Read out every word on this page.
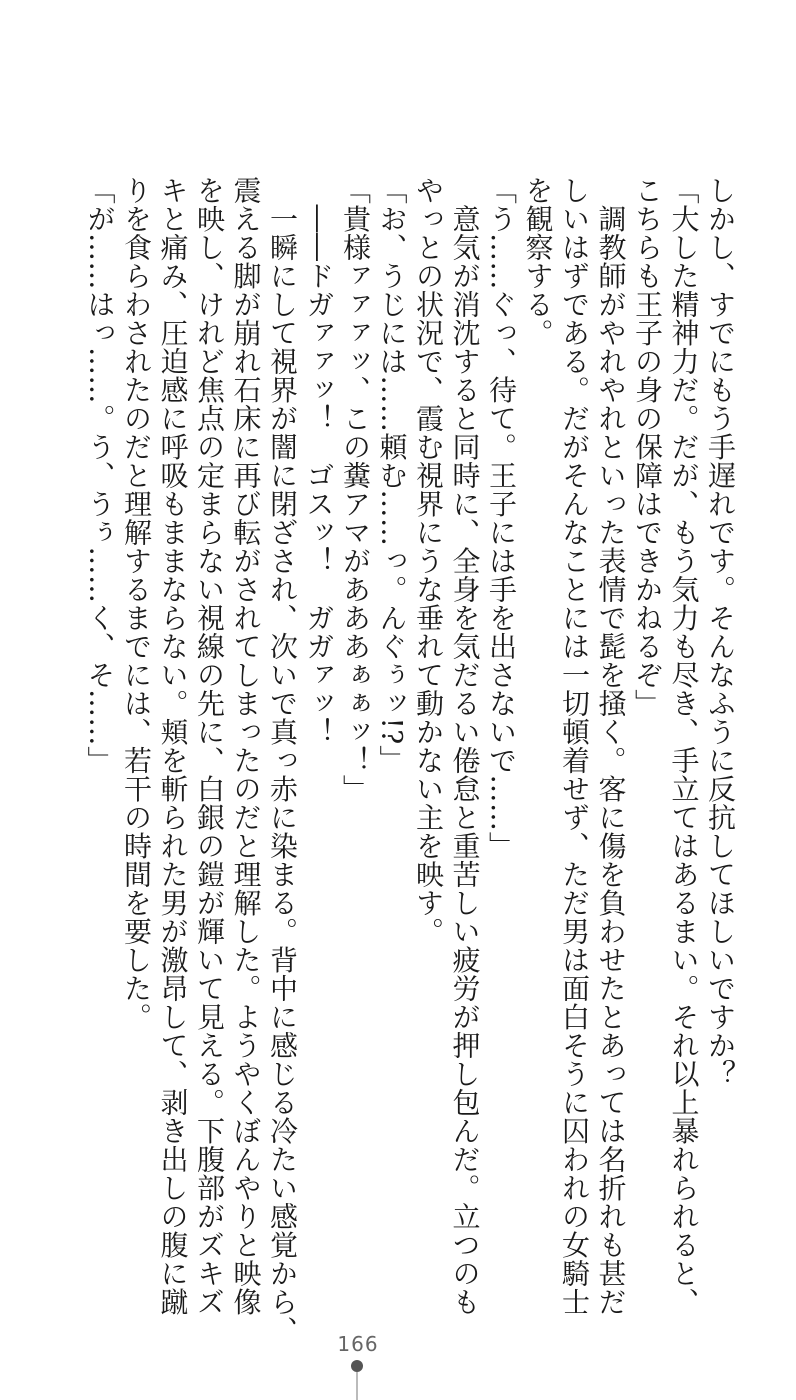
しかし、すでにもう手遅れです。そんなふうに反抗してほしいですか？
「大した精神力だ。だが、もう気力も尽き、手立てはあるまい。それ以上暴れられると、
こちらも王子の身の保障はできかねるぞ」
　調教師がやれやれといった表情で髭を掻く。客に傷を負わせたとあっては名折れも甚だ
しいはずである。だがそんなことには一切頓着せず、ただ男は面白そうに囚われの女騎士
を観察する。
「う……ぐっ、待て。王子には手を出さないで……」
　意気が消沈すると同時に、全身を気だるい倦怠と重苦しい疲労が押し包んだ。立つのも
やっとの状況で、霞む視界にうな垂れて動かない主を映す。
「お、うじには……頼む……っ。んぐぅッ!?」
「貴様ァァァッ、この糞アマがあああぁぁッ！」
　――ドガァァッ！　ゴスッ！　ガガァッ！
　一瞬にして視界が闇に閉ざされ、次いで真っ赤に染まる。背中に感じる冷たい感覚から、
震える脚が崩れ石床に再び転がされてしまったのだと理解した。ようやくぼんやりと映像
を映し、けれど焦点の定まらない視線の先に、白銀の鎧が輝いて見える。下腹部がズキズ
キと痛み、圧迫感に呼吸もままならない。頬を斬られた男が激昂して、剥き出しの腹に蹴
りを食らわされたのだと理解するまでには、若干の時間を要した。
「が……はっ……。う、うぅ……く、そ……」
166
